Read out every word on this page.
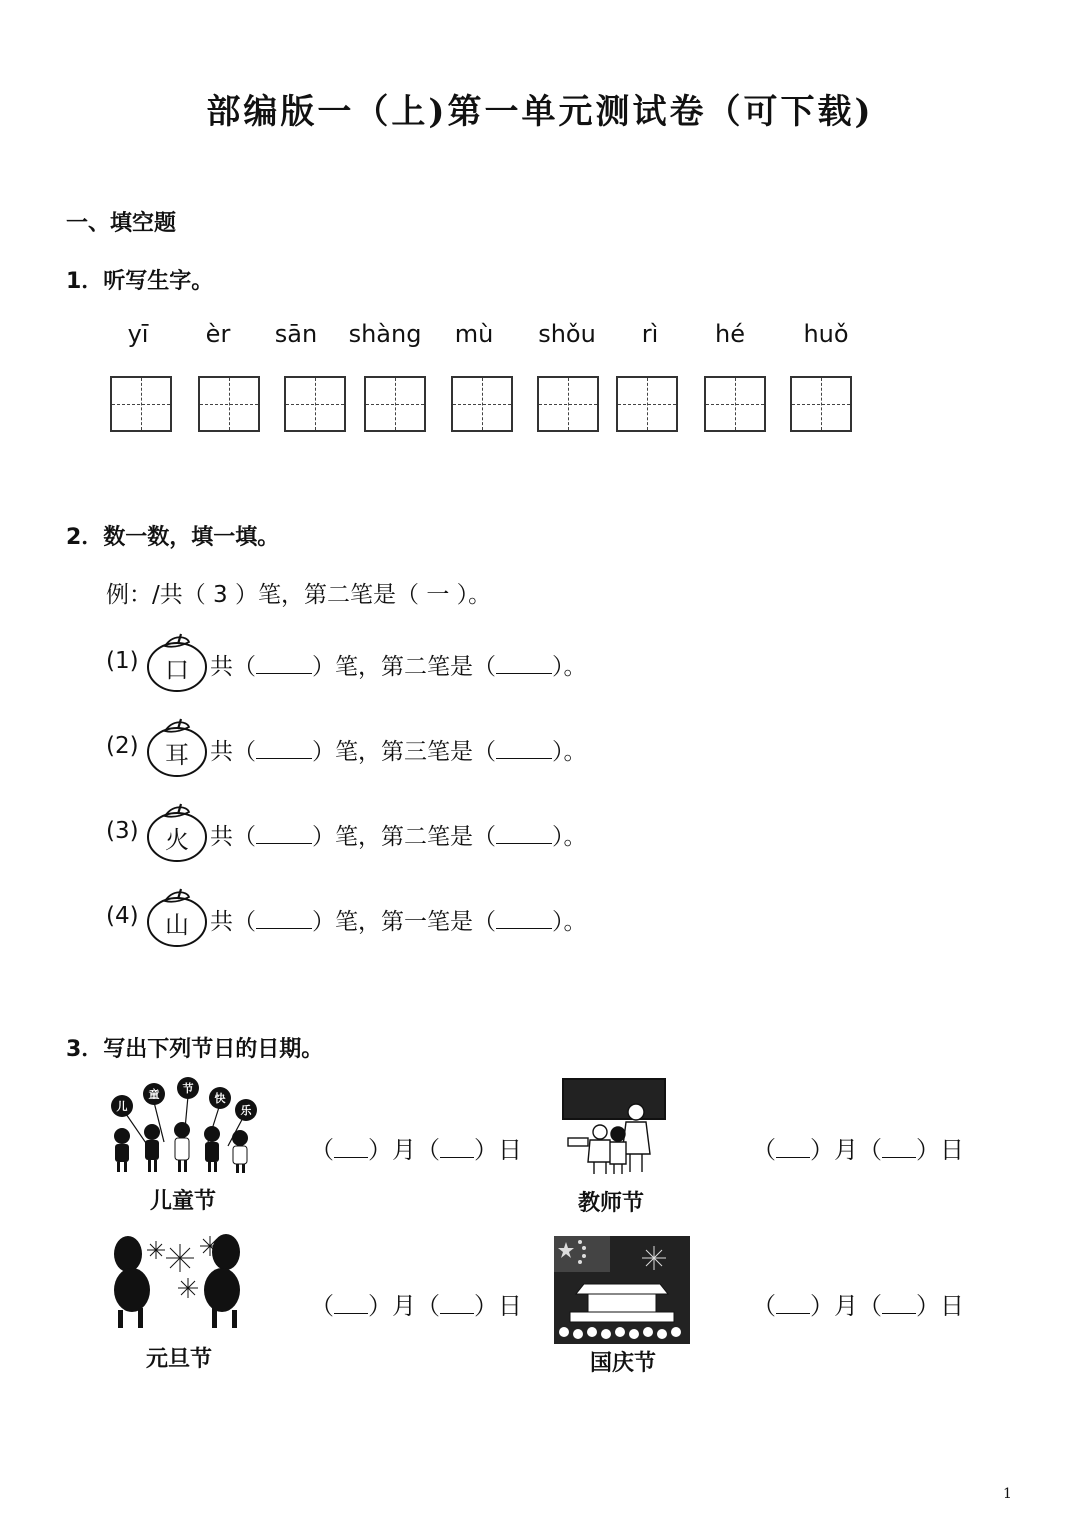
部编版一（上)第一单元测试卷（可下载)
一、填空题
1．听写生字。
yī	èr	sān	shàng	mù	shǒu	rì	hé	huǒ
2．数一数，填一填。
例：/共（ 3 ）笔，第二笔是（ 一 ）。
(1)	口 共（ ）笔，第二笔是（ ）。
(2)	耳 共（ ）笔，第三笔是（ ）。
(3)	火 共（ ）笔，第二笔是（ ）。
(4)	山 共（ ）笔，第一笔是（ ）。
3．写出下列节日的日期。
儿
童 节
快
乐
儿童节
（ ）月（ ）日
教师节
（ ）月（ ）日
元旦节
（ ）月（ ）日
国庆节
（ ）月（ ）日
1
